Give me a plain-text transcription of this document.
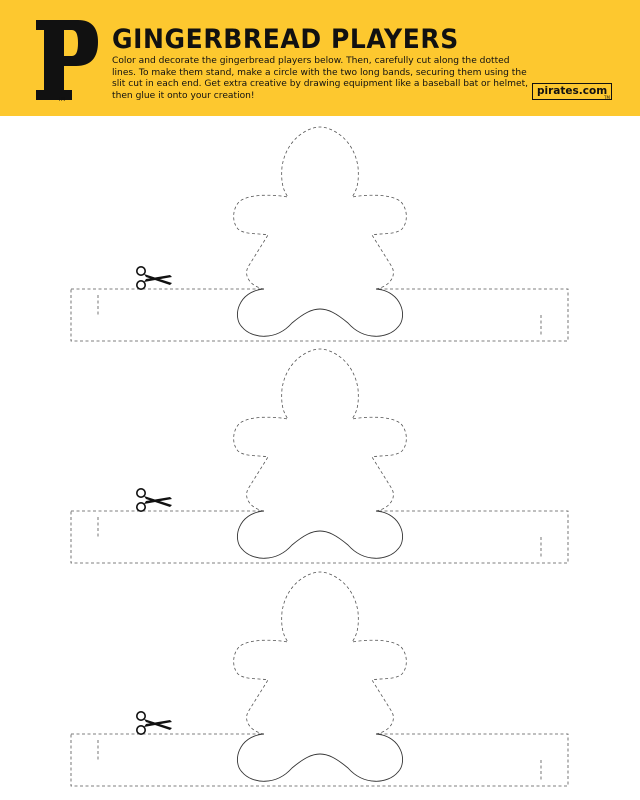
TM
GINGERBREAD PLAYERS

Color and decorate the gingerbread players below. Then, carefully cut along the dotted lines. To make them stand, make a circle with the two long bands, securing them using the slit cut in each end. Get extra creative by drawing equipment like a baseball bat or helmet, then glue it onto your creation!	pirates.com
TM
